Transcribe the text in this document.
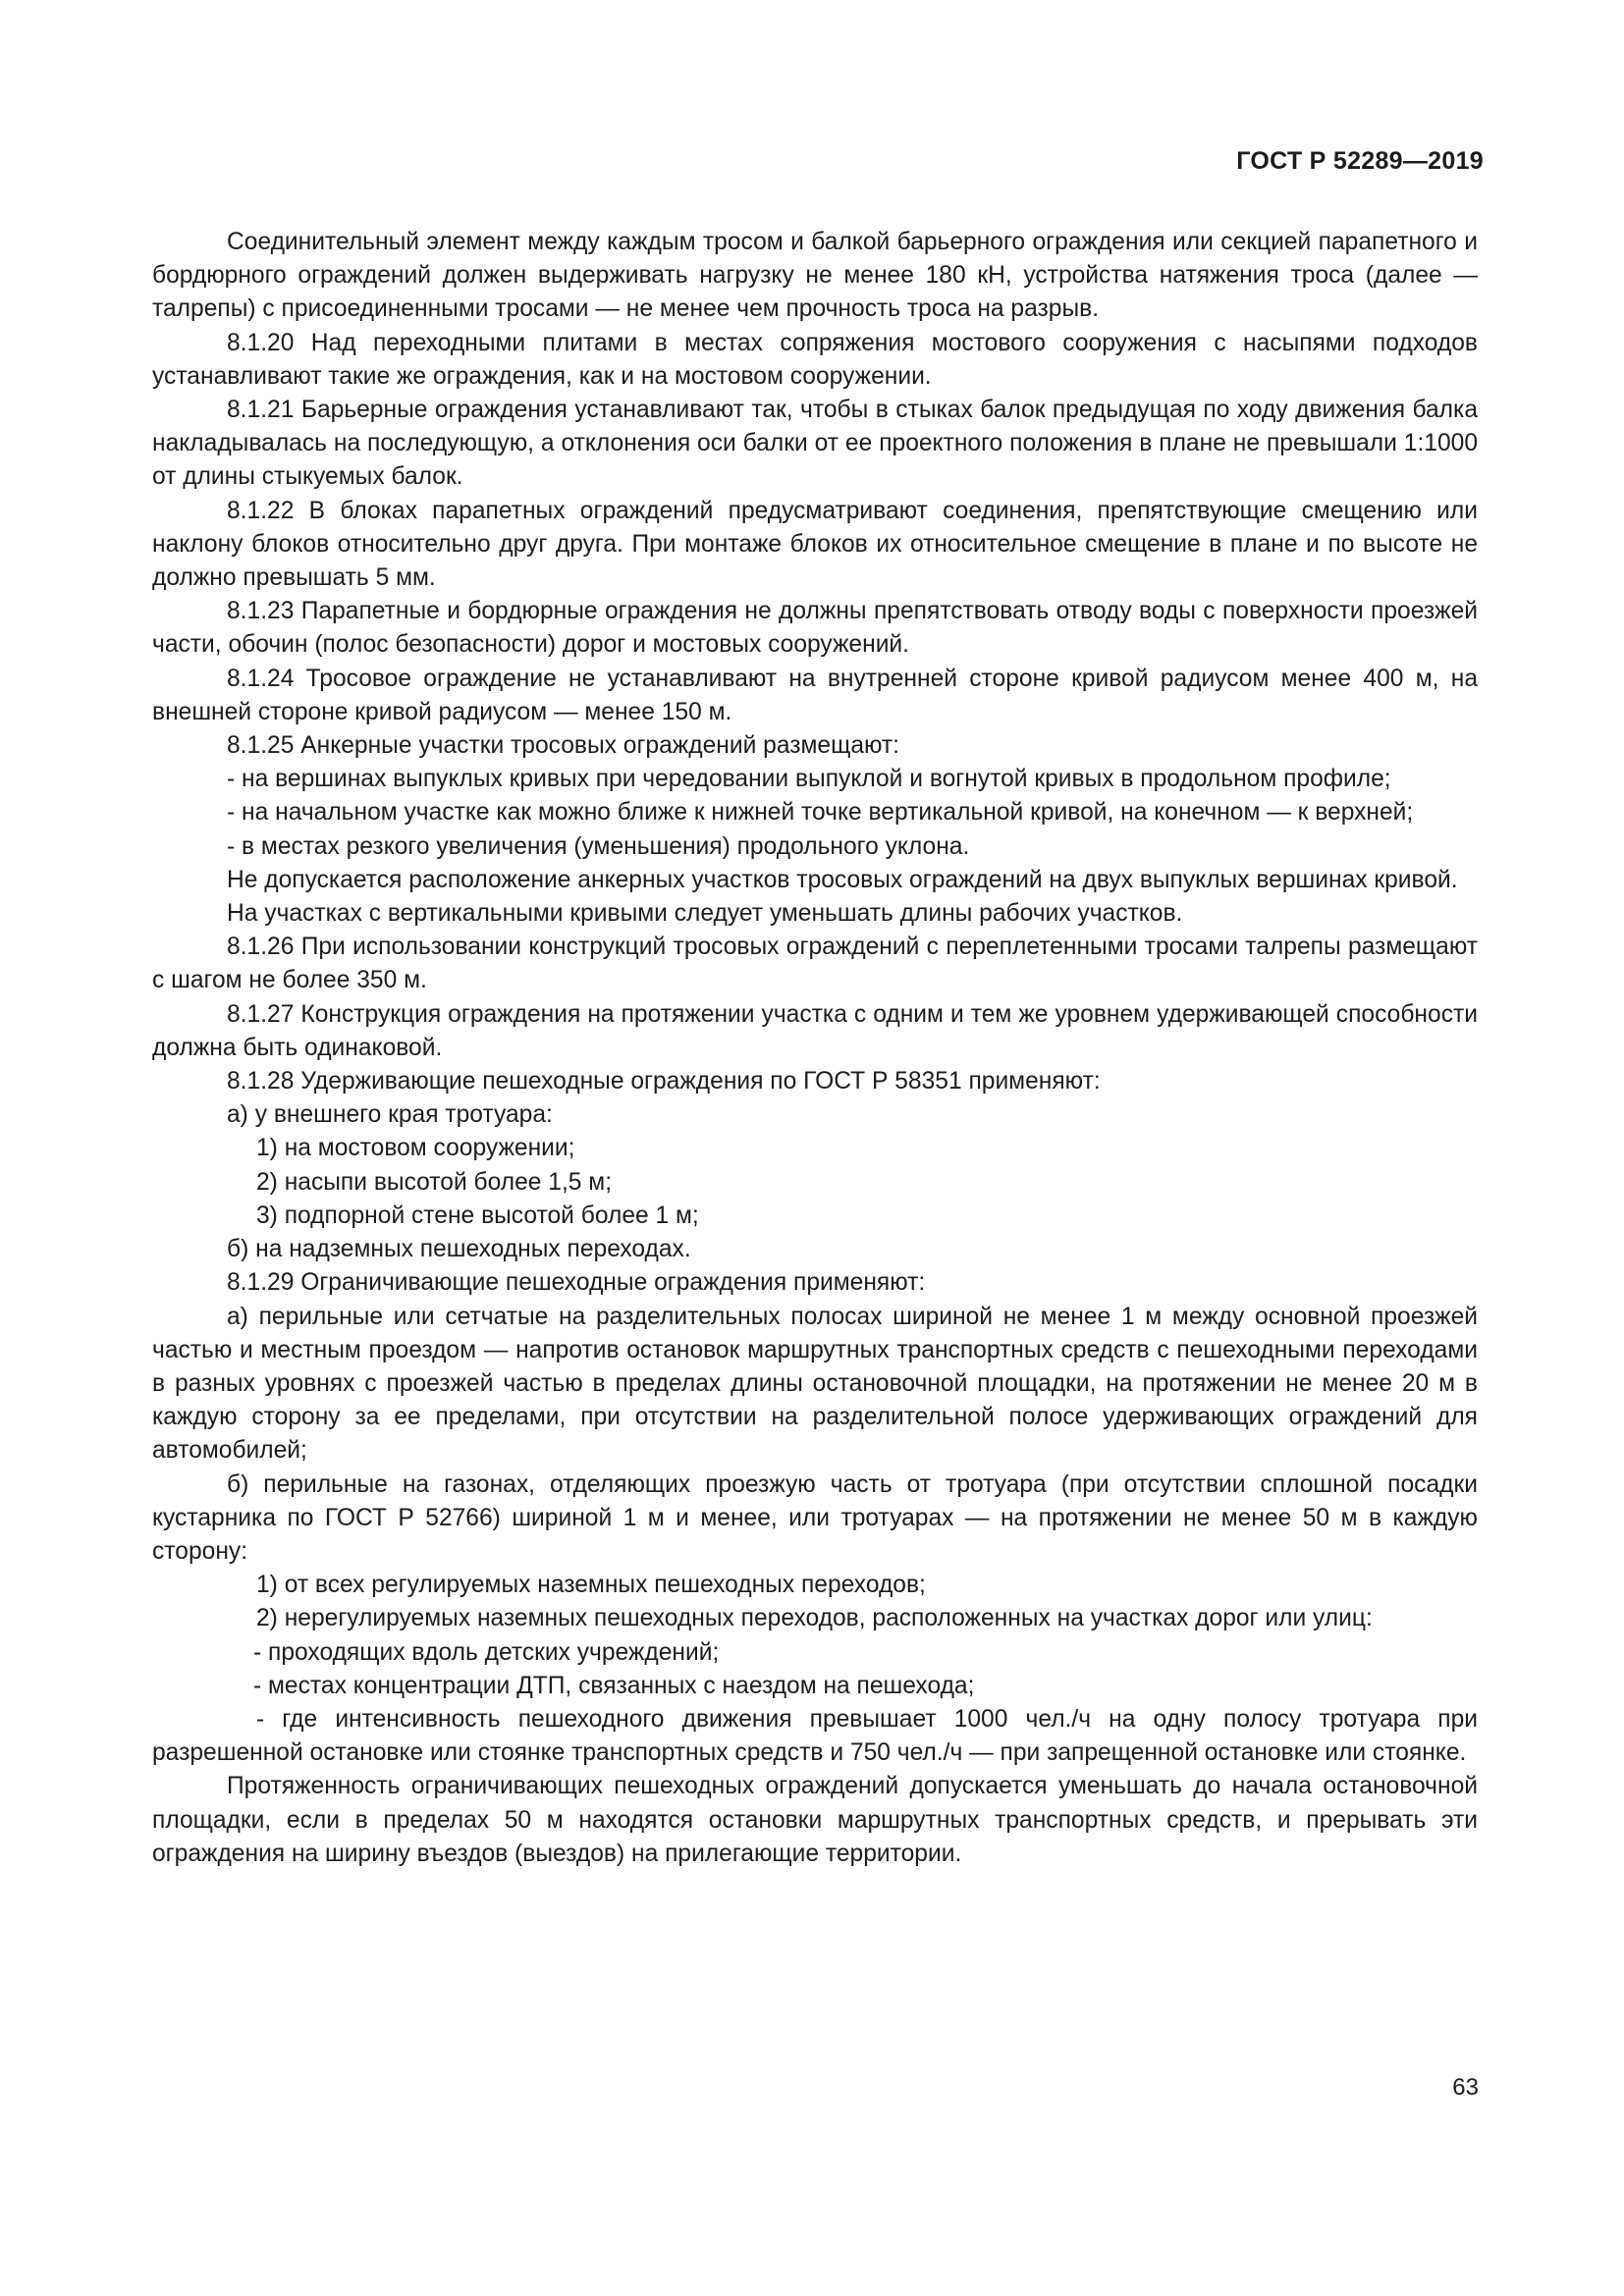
ГОСТ Р 52289—2019

Соединительный элемент между каждым тросом и балкой барьерного ограждения или секцией парапетного и бордюрного ограждений должен выдерживать нагрузку не менее 180 кН, устройства натяжения троса (далее — талрепы) с присоединенными тросами — не менее чем прочность троса на разрыв.

8.1.20 Над переходными плитами в местах сопряжения мостового сооружения с насыпями подходов устанавливают такие же ограждения, как и на мостовом сооружении.

8.1.21 Барьерные ограждения устанавливают так, чтобы в стыках балок предыдущая по ходу движения балка накладывалась на последующую, а отклонения оси балки от ее проектного положения в плане не превышали 1:1000 от длины стыкуемых балок.

8.1.22 В блоках парапетных ограждений предусматривают соединения, препятствующие смещению или наклону блоков относительно друг друга. При монтаже блоков их относительное смещение в плане и по высоте не должно превышать 5 мм.

8.1.23 Парапетные и бордюрные ограждения не должны препятствовать отводу воды с поверхности проезжей части, обочин (полос безопасности) дорог и мостовых сооружений.

8.1.24 Тросовое ограждение не устанавливают на внутренней стороне кривой радиусом менее 400 м, на внешней стороне кривой радиусом — менее 150 м.

8.1.25 Анкерные участки тросовых ограждений размещают:

- на вершинах выпуклых кривых при чередовании выпуклой и вогнутой кривых в продольном профиле;

- на начальном участке как можно ближе к нижней точке вертикальной кривой, на конечном — к верхней;

- в местах резкого увеличения (уменьшения) продольного уклона.

Не допускается расположение анкерных участков тросовых ограждений на двух выпуклых вершинах кривой.

На участках с вертикальными кривыми следует уменьшать длины рабочих участков.

8.1.26 При использовании конструкций тросовых ограждений с переплетенными тросами талрепы размещают с шагом не более 350 м.

8.1.27 Конструкция ограждения на протяжении участка с одним и тем же уровнем удерживающей способности должна быть одинаковой.

8.1.28 Удерживающие пешеходные ограждения по ГОСТ Р 58351 применяют:

а) у внешнего края тротуара:

1) на мостовом сооружении;

2) насыпи высотой более 1,5 м;

3) подпорной стене высотой более 1 м;

б) на надземных пешеходных переходах.

8.1.29 Ограничивающие пешеходные ограждения применяют:

а) перильные или сетчатые на разделительных полосах шириной не менее 1 м между основной проезжей частью и местным проездом — напротив остановок маршрутных транспортных средств с пешеходными переходами в разных уровнях с проезжей частью в пределах длины остановочной площадки, на протяжении не менее 20 м в каждую сторону за ее пределами, при отсутствии на разделительной полосе удерживающих ограждений для автомобилей;

б) перильные на газонах, отделяющих проезжую часть от тротуара (при отсутствии сплошной посадки кустарника по ГОСТ Р 52766) шириной 1 м и менее, или тротуарах — на протяжении не менее 50 м в каждую сторону:

1) от всех регулируемых наземных пешеходных переходов;

2) нерегулируемых наземных пешеходных переходов, расположенных на участках дорог или улиц:

- проходящих вдоль детских учреждений;

- местах концентрации ДТП, связанных с наездом на пешехода;

- где интенсивность пешеходного движения превышает 1000 чел./ч на одну полосу тротуара при разрешенной остановке или стоянке транспортных средств и 750 чел./ч — при запрещенной остановке или стоянке.

Протяженность ограничивающих пешеходных ограждений допускается уменьшать до начала остановочной площадки, если в пределах 50 м находятся остановки маршрутных транспортных средств, и прерывать эти ограждения на ширину въездов (выездов) на прилегающие территории.

63
